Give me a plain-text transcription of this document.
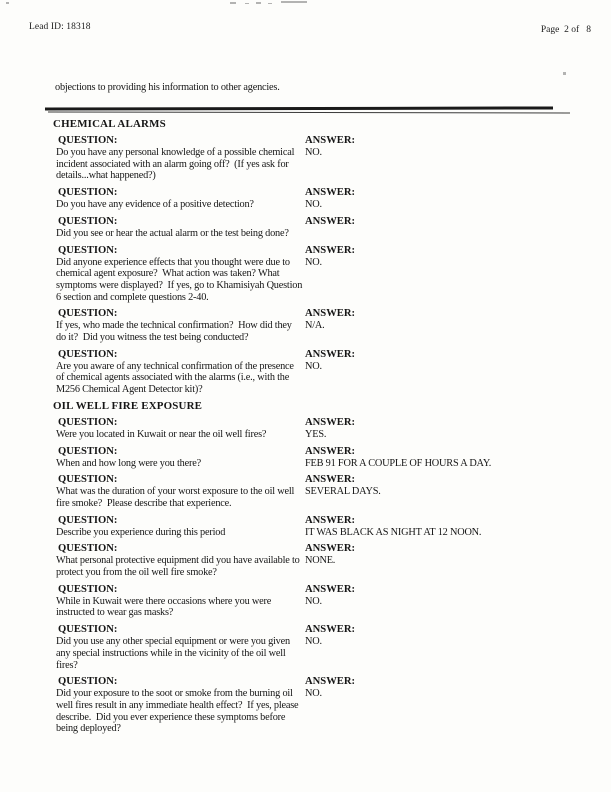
Lead ID: 18318	Page  2 of   8
objections to providing his information to other agencies.
CHEMICAL ALARMS
QUESTION:
Do you have any personal knowledge of a possible chemical incident associated with an alarm going off?  (If yes ask for details...what happened?)
ANSWER:
NO.
QUESTION:
Do you have any evidence of a positive detection?
ANSWER:
NO.
QUESTION:
Did you see or hear the actual alarm or the test being done?
ANSWER:
QUESTION:
Did anyone experience effects that you thought were due to chemical agent exposure?  What action was taken? What symptoms were displayed?  If yes, go to Khamisiyah Question 6 section and complete questions 2-40.
ANSWER:
NO.
QUESTION:
If yes, who made the technical confirmation?  How did they do it?  Did you witness the test being conducted?
ANSWER:
N/A.
QUESTION:
Are you aware of any technical confirmation of the presence of chemical agents associated with the alarms (i.e., with the M256 Chemical Agent Detector kit)?
ANSWER:
NO.
OIL WELL FIRE EXPOSURE
QUESTION:
Were you located in Kuwait or near the oil well fires?
ANSWER:
YES.
QUESTION:
When and how long were you there?
ANSWER:
FEB 91 FOR A COUPLE OF HOURS A DAY.
QUESTION:
What was the duration of your worst exposure to the oil well fire smoke?  Please describe that experience.
ANSWER:
SEVERAL DAYS.
QUESTION:
Describe you experience during this period
ANSWER:
IT WAS BLACK AS NIGHT AT 12 NOON.
QUESTION:
What personal protective equipment did you have available to protect you from the oil well fire smoke?
ANSWER:
NONE.
QUESTION:
While in Kuwait were there occasions where you were instructed to wear gas masks?
ANSWER:
NO.
QUESTION:
Did you use any other special equipment or were you given any special instructions while in the vicinity of the oil well fires?
ANSWER:
NO.
QUESTION:
Did your exposure to the soot or smoke from the burning oil well fires result in any immediate health effect?  If yes, please describe.  Did you ever experience these symptoms before being deployed?
ANSWER:
NO.
